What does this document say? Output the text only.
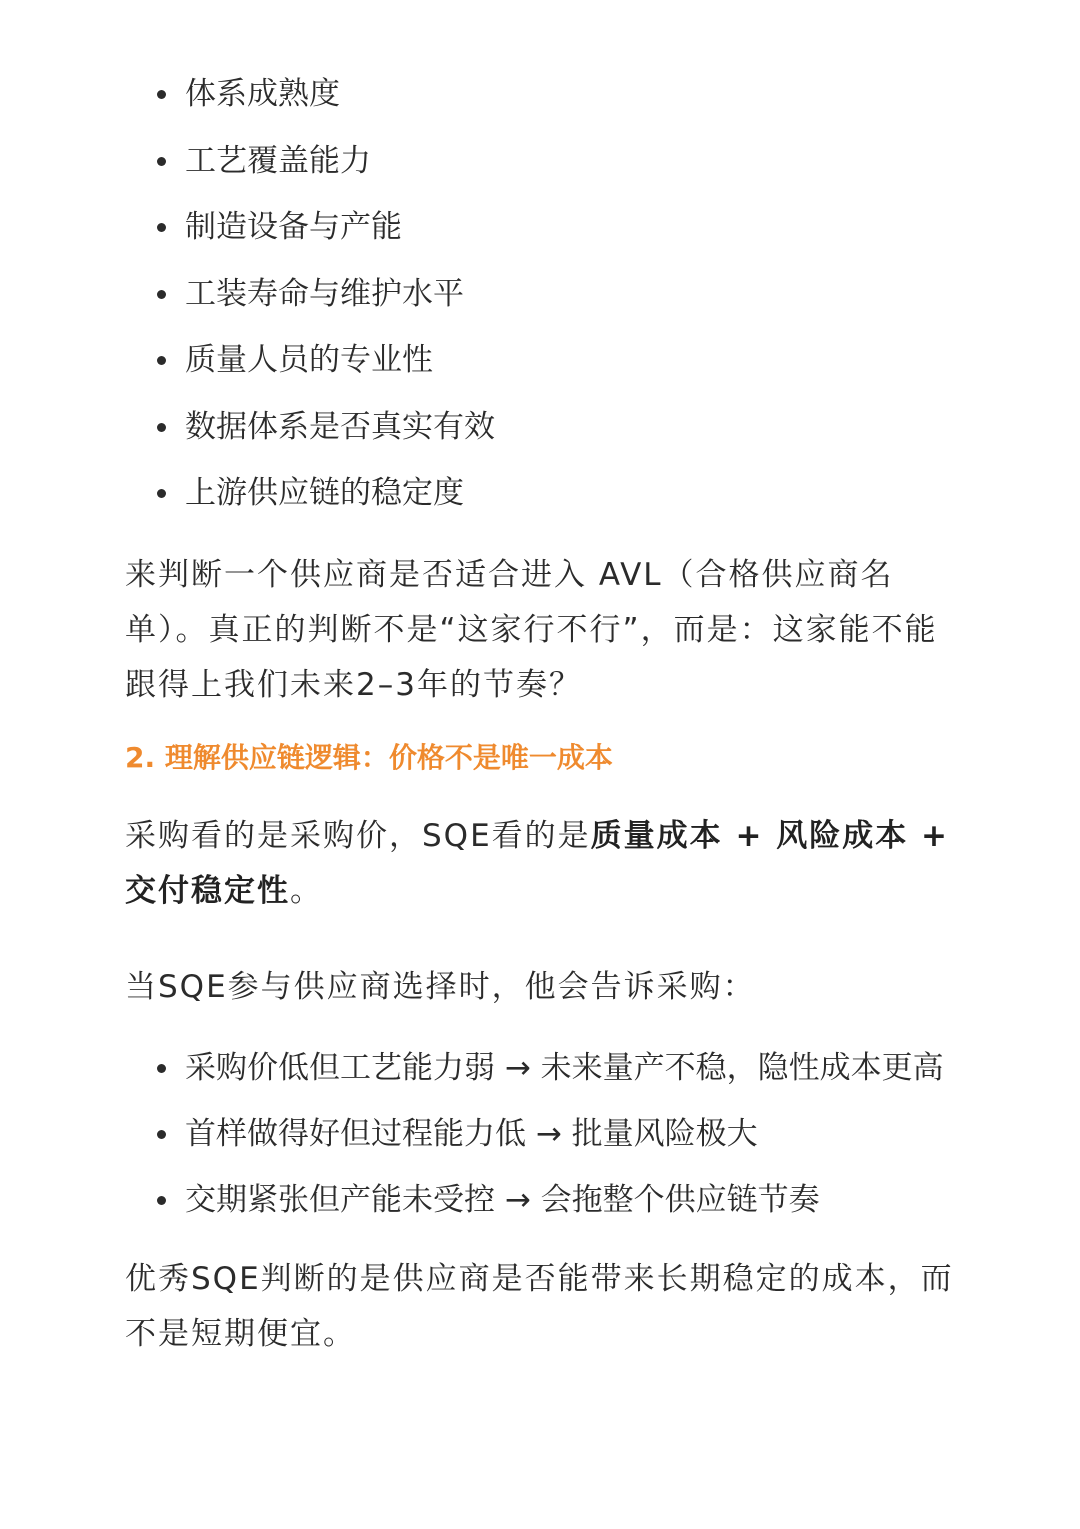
体系成熟度
工艺覆盖能力
制造设备与产能
工装寿命与维护水平
质量人员的专业性
数据体系是否真实有效
上游供应链的稳定度

来判断一个供应商是否适合进入 AVL（合格供应商名单）。真正的判断不是“这家行不行”，而是：这家能不能跟得上我们未来2–3年的节奏？

2. 理解供应链逻辑：价格不是唯一成本

采购看的是采购价，SQE看的是质量成本 + 风险成本 + 交付稳定性。

当SQE参与供应商选择时，他会告诉采购：

采购价低但工艺能力弱 → 未来量产不稳，隐性成本更高
首样做得好但过程能力低 → 批量风险极大
交期紧张但产能未受控 → 会拖整个供应链节奏

优秀SQE判断的是供应商是否能带来长期稳定的成本，而不是短期便宜。
